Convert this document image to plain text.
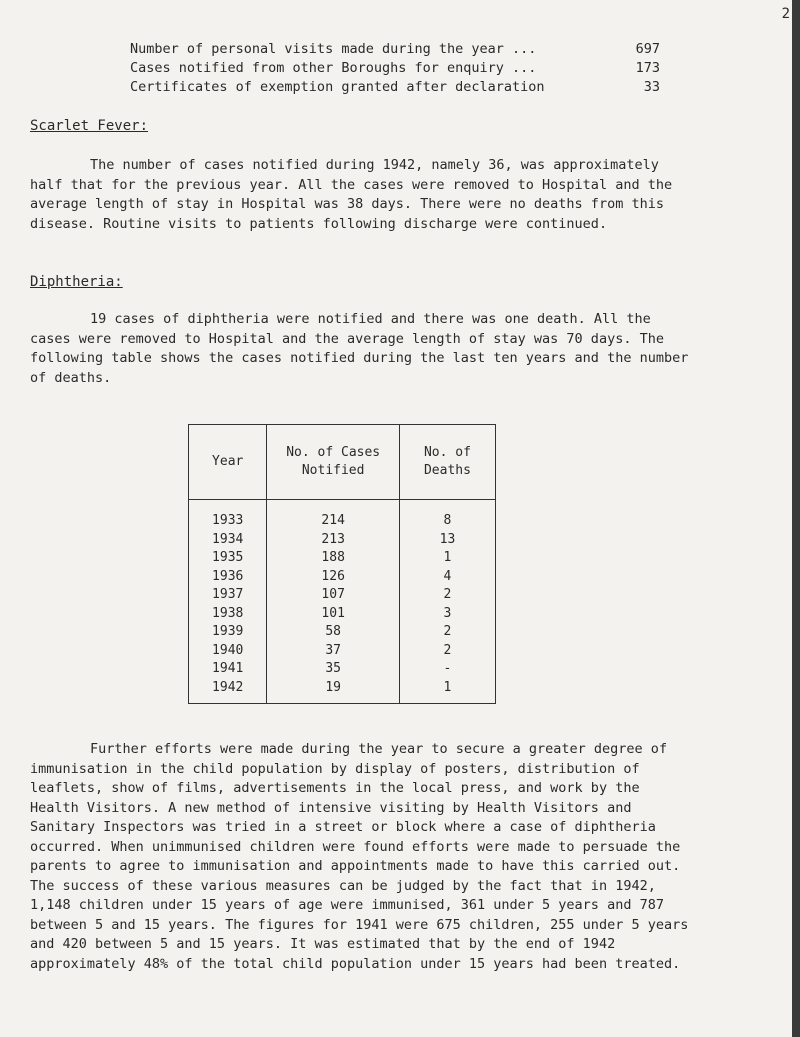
2
Number of personal visits made during the year ...	697
Cases notified from other Boroughs for enquiry ...	173
Certificates of exemption granted after declaration	33
Scarlet Fever:

The number of cases notified during 1942, namely 36, was approximately half that for the previous year. All the cases were removed to Hospital and the average length of stay in Hospital was 38 days. There were no deaths from this disease. Routine visits to patients following discharge were continued.

Diphtheria:

19 cases of diphtheria were notified and there was one death. All the cases were removed to Hospital and the average length of stay was 70 days. The following table shows the cases notified during the last ten years and the number of deaths.

Year	No. of Cases Notified	No. of Deaths

1933	214	8
1934	213	13
1935	188	1
1936	126	4
1937	107	2
1938	101	3
1939	58	2
1940	37	2
1941	35	-
1942	19	1

Further efforts were made during the year to secure a greater degree of immunisation in the child population by display of posters, distribution of leaflets, show of films, advertisements in the local press, and work by the Health Visitors. A new method of intensive visiting by Health Visitors and Sanitary Inspectors was tried in a street or block where a case of diphtheria occurred. When unimmunised children were found efforts were made to persuade the parents to agree to immunisation and appointments made to have this carried out. The success of these various measures can be judged by the fact that in 1942, 1,148 children under 15 years of age were immunised, 361 under 5 years and 787 between 5 and 15 years. The figures for 1941 were 675 children, 255 under 5 years and 420 between 5 and 15 years. It was estimated that by the end of 1942 approximately 48% of the total child population under 15 years had been treated.
